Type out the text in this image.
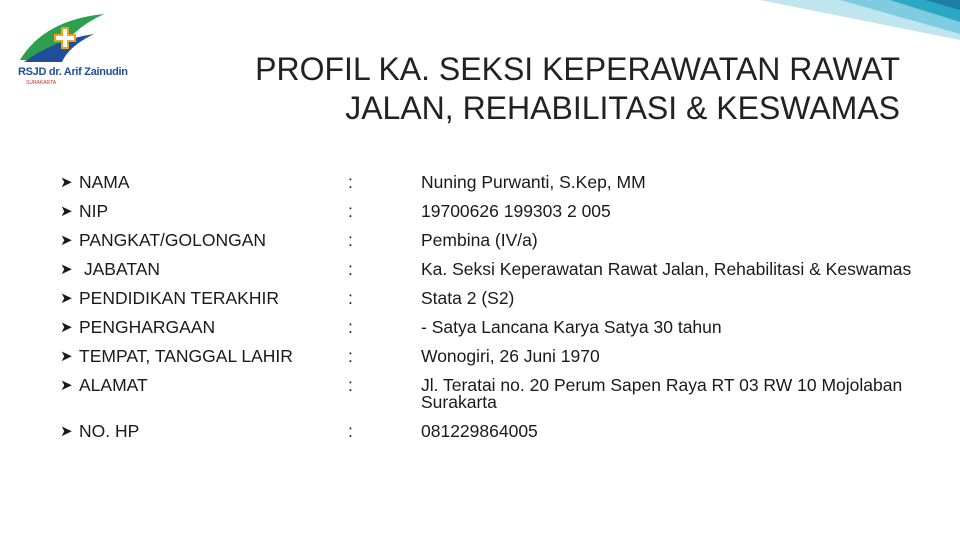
RSJD dr. Arif Zainudin
SURAKARTA	PROFIL KA. SEKSI KEPERAWATAN RAWAT JALAN, REHABILITASI & KESWAMAS
➤ NAMA	:	Nuning Purwanti, S.Kep, MM
➤ NIP	:	19700626 199303 2 005
➤ PANGKAT/GOLONGAN	:	Pembina (IV/a)
➤ JABATAN	:	Ka. Seksi Keperawatan Rawat Jalan, Rehabilitasi & Keswamas
➤ PENDIDIKAN TERAKHIR	:	Stata 2 (S2)
➤ PENGHARGAAN	:	- Satya Lancana Karya Satya 30 tahun
➤ TEMPAT, TANGGAL LAHIR	:	Wonogiri, 26 Juni 1970
➤ ALAMAT	:	Jl. Teratai no. 20 Perum Sapen Raya RT 03 RW 10 Mojolaban Surakarta
➤ NO. HP	:	081229864005
